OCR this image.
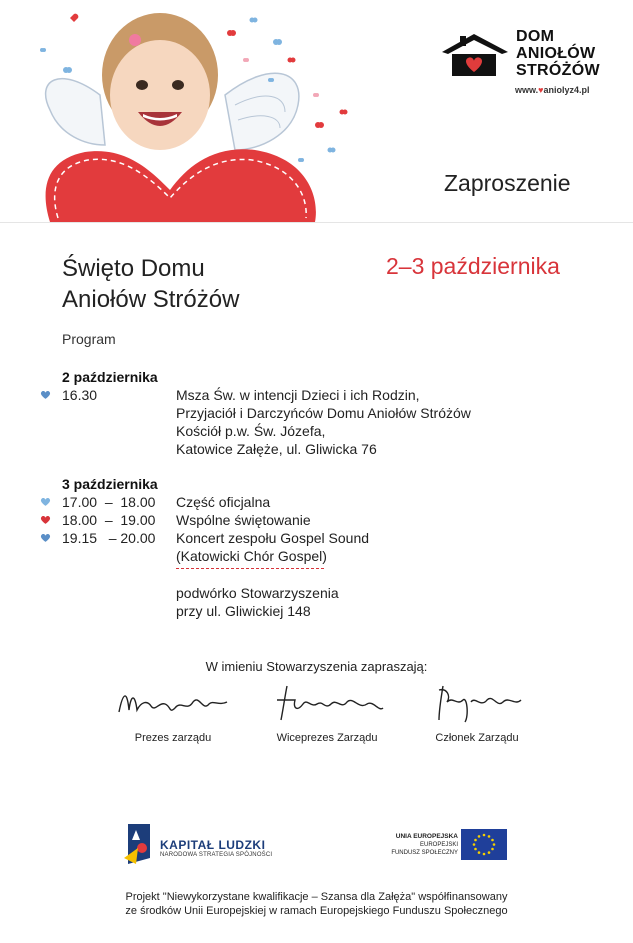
DOM
ANIOŁÓW
STRÓŻÓW
www.♥aniolyz4.pl
Zaproszenie
Święto Domu
Aniołów Stróżów
2–3 października
Program
2 października
16.30	Msza Św. w intencji Dzieci i ich Rodzin,
Przyjaciół i Darczyńców Domu Aniołów Stróżów
Kościół p.w. Św. Józefa,
Katowice Załęże, ul. Gliwicka 76
3 października
17.00  –  18.00 Część oficjalna
18.00  –  19.00 Wspólne świętowanie
19.15   – 20.00 Koncert zespołu Gospel Sound
(Katowicki Chór Gospel)
podwórko Stowarzyszenia
przy ul. Gliwickiej 148
W imieniu Stowarzyszenia zapraszają:
Prezes zarządu	Wiceprezes Zarządu	Członek Zarządu
KAPITAŁ LUDZKI
NARODOWA STRATEGIA SPÓJNOŚCI
UNIA EUROPEJSKA
EUROPEJSKI
FUNDUSZ SPOŁECZNY
Projekt "Niewykorzystane kwalifikacje – Szansa dla Załęża" współfinansowany
ze środków Unii Europejskiej w ramach Europejskiego Funduszu Społecznego
